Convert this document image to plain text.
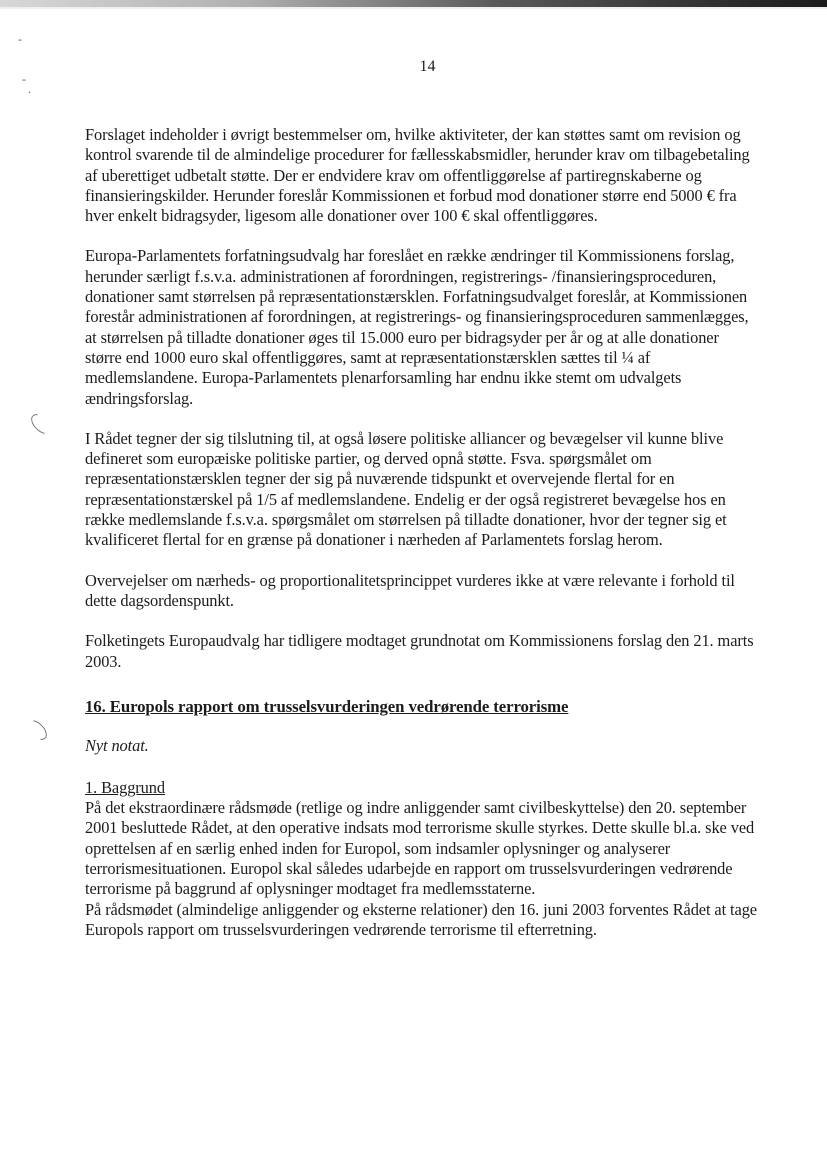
-
-
.
14

Forslaget indeholder i øvrigt bestemmelser om, hvilke aktiviteter, der kan støttes samt om revision og kontrol svarende til de almindelige procedurer for fællesskabsmidler, herunder krav om tilbagebetaling af uberettiget udbetalt støtte. Der er endvidere krav om offentliggørelse af partiregnskaberne og finansieringskilder. Herunder foreslår Kommissionen et forbud mod donationer større end 5000 € fra hver enkelt bidragsyder, ligesom alle donationer over 100 € skal offentliggøres.

Europa-Parlamentets forfatningsudvalg har foreslået en række ændringer til Kommissionens forslag, herunder særligt f.s.v.a. administrationen af forordningen, registrerings- /finansieringsproceduren, donationer samt størrelsen på repræsentationstærsklen. Forfatningsudvalget foreslår, at Kommissionen forestår administrationen af forordningen, at registrerings- og finansieringsproceduren sammenlægges, at størrelsen på tilladte donationer øges til 15.000 euro per bidragsyder per år og at alle donationer større end 1000 euro skal offentliggøres, samt at repræsentationstærsklen sættes til ¼ af medlemslandene. Europa-Parlamentets plenarforsamling har endnu ikke stemt om udvalgets ændringsforslag.

I Rådet tegner der sig tilslutning til, at også løsere politiske alliancer og bevægelser vil kunne blive defineret som europæiske politiske partier, og derved opnå støtte. Fsva. spørgsmålet om repræsentationstærsklen tegner der sig på nuværende tidspunkt et overvejende flertal for en repræsentationstærskel på 1/5 af medlemslandene. Endelig er der også registreret bevægelse hos en række medlemslande f.s.v.a. spørgsmålet om størrelsen på tilladte donationer, hvor der tegner sig et kvalificeret flertal for en grænse på donationer i nærheden af Parlamentets forslag herom.

Overvejelser om nærheds- og proportionalitetsprincippet vurderes ikke at være relevante i forhold til dette dagsordenspunkt.

Folketingets Europaudvalg har tidligere modtaget grundnotat om Kommissionens forslag den 21. marts 2003.

16. Europols rapport om trusselsvurderingen vedrørende terrorisme
Nyt notat.
1. Baggrund

På det ekstraordinære rådsmøde (retlige og indre anliggender samt civilbeskyttelse) den 20. september 2001 besluttede Rådet, at den operative indsats mod terrorisme skulle styrkes. Dette skulle bl.a. ske ved oprettelsen af en særlig enhed inden for Europol, som indsamler oplysninger og analyserer terrorismesituationen. Europol skal således udarbejde en rapport om trusselsvurderingen vedrørende terrorisme på baggrund af oplysninger modtaget fra medlemsstaterne.

På rådsmødet (almindelige anliggender og eksterne relationer) den 16. juni 2003 forventes Rådet at tage Europols rapport om trusselsvurderingen vedrørende terrorisme til efterretning.
